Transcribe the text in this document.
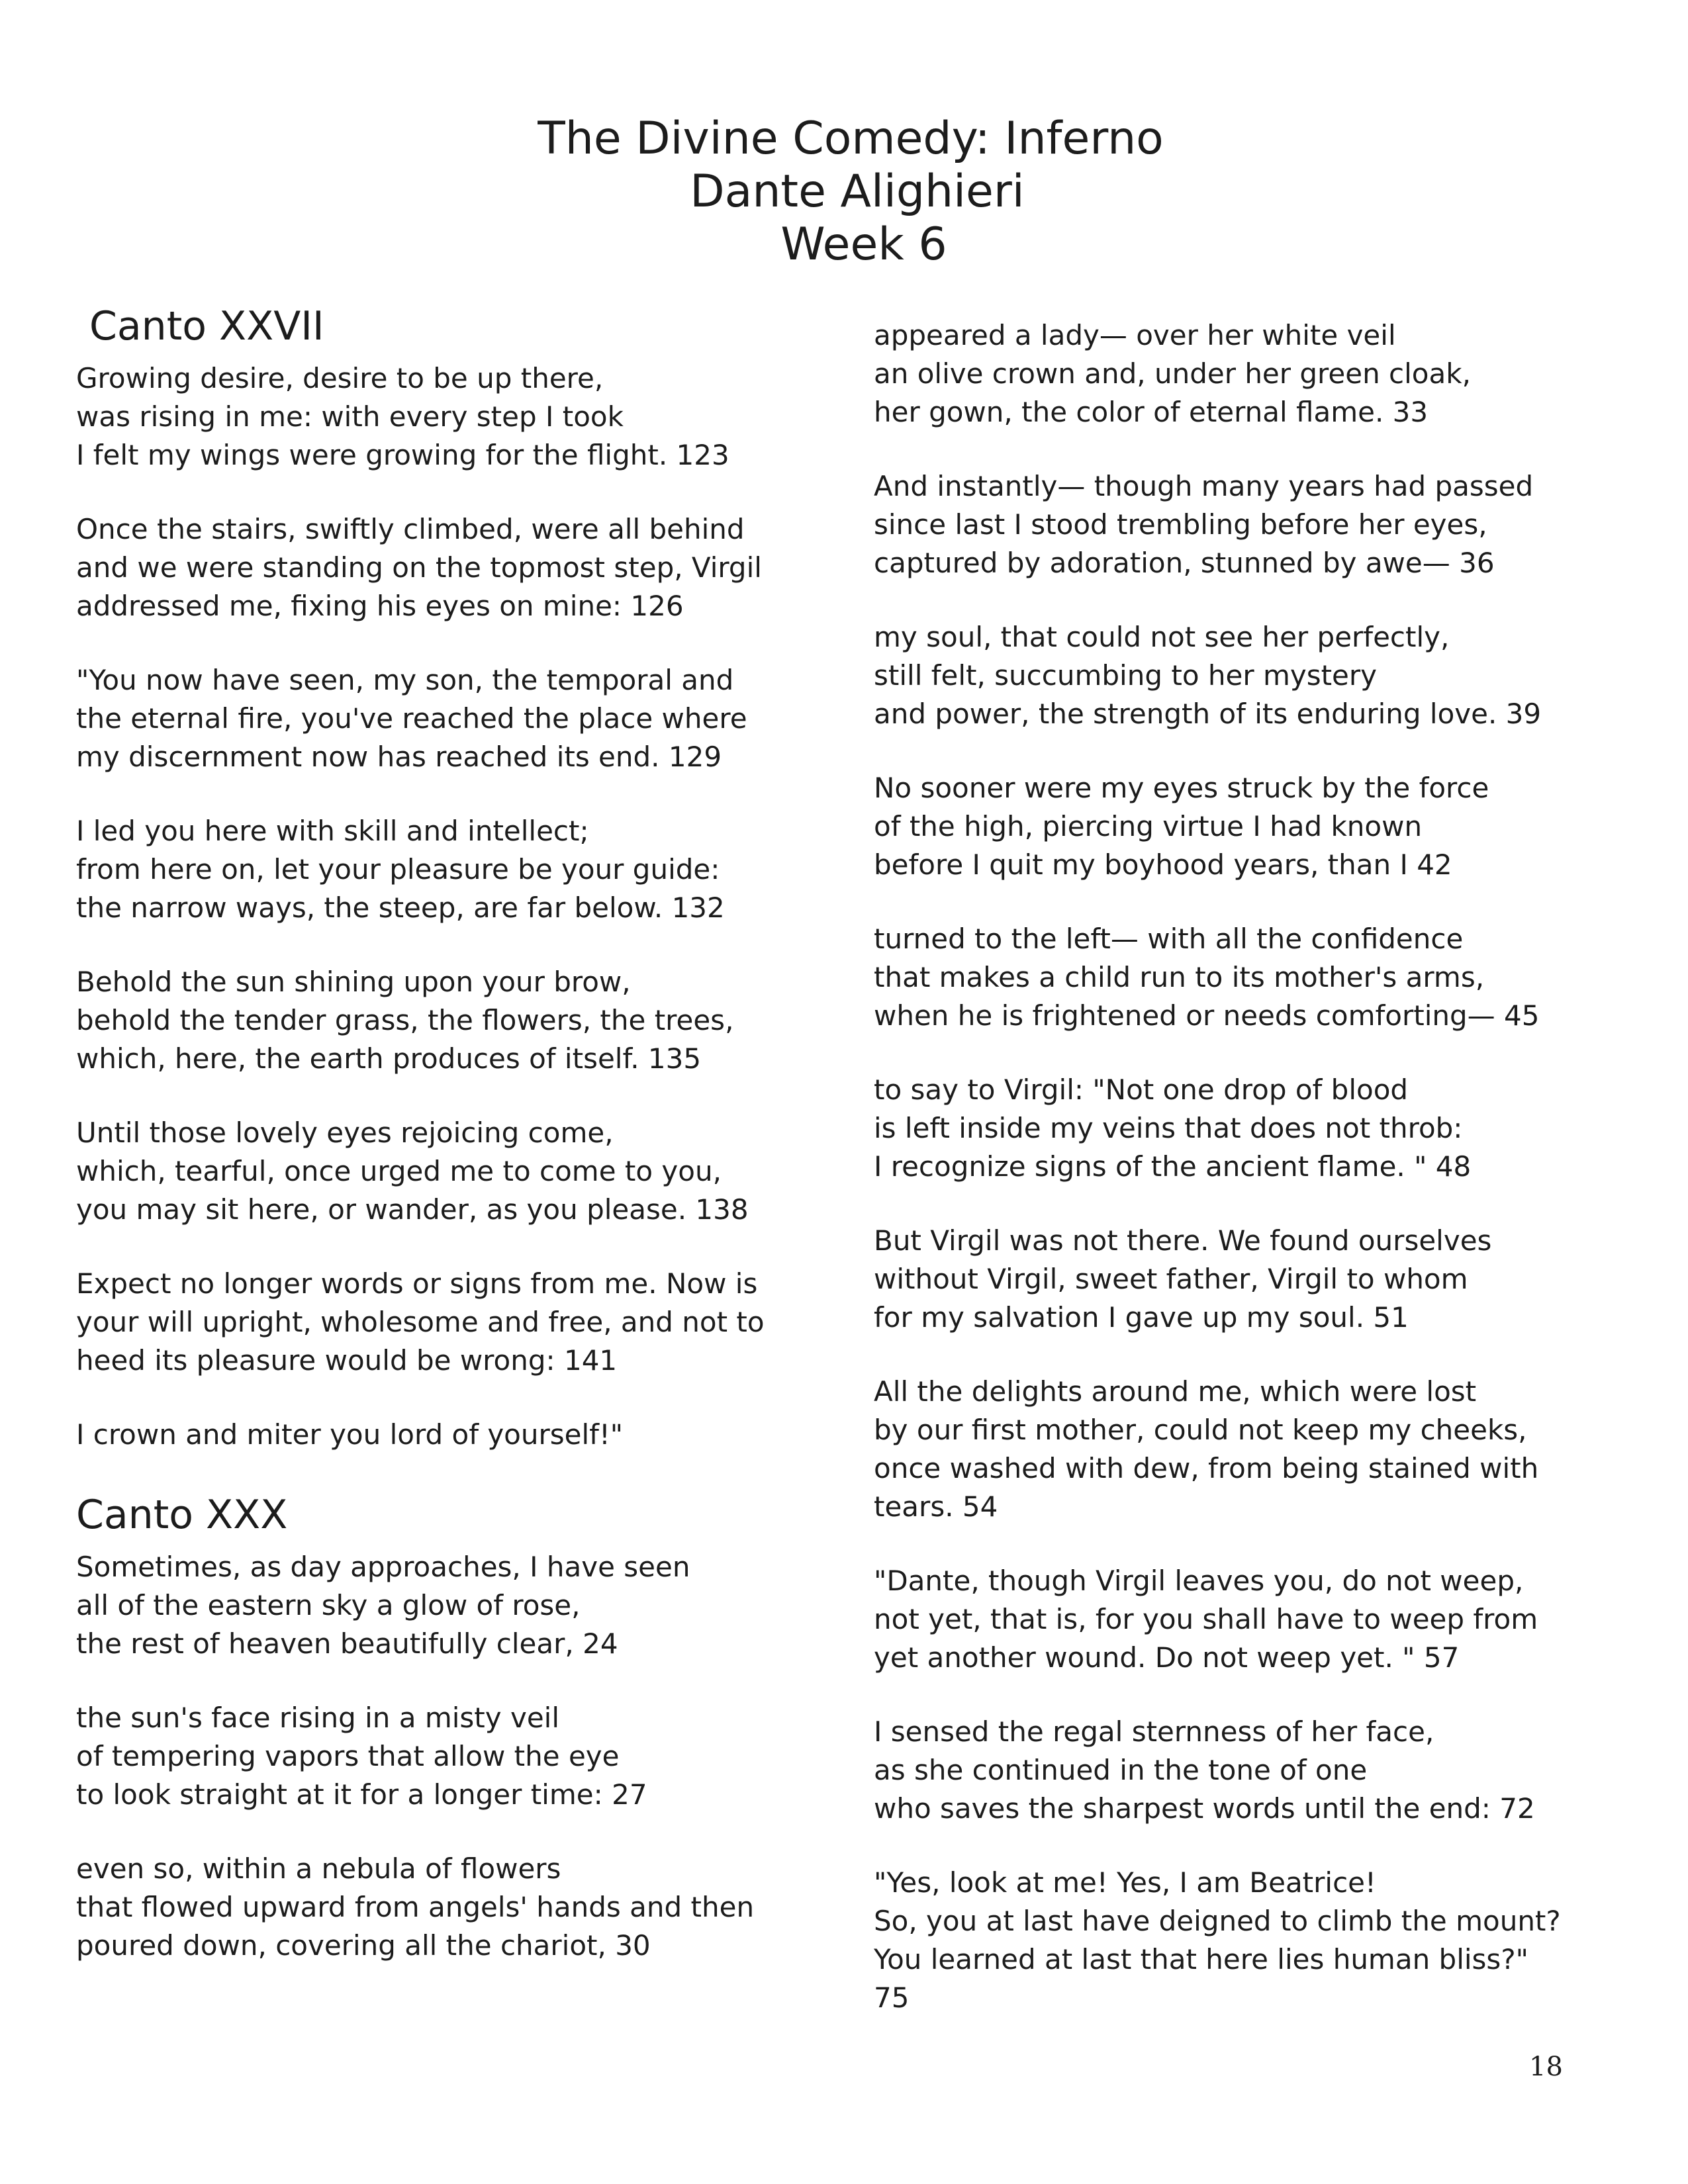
The Divine Comedy: Inferno
Dante Alighieri
Week 6
Canto XXVII
Growing desire, desire to be up there,
was rising in me: with every step I took
I felt my wings were growing for the flight. 123
Once the stairs, swiftly climbed, were all behind
and we were standing on the topmost step, Virgil
addressed me, fixing his eyes on mine: 126
"You now have seen, my son, the temporal and
the eternal fire, you've reached the place where
my discernment now has reached its end. 129
I led you here with skill and intellect;
from here on, let your pleasure be your guide:
the narrow ways, the steep, are far below. 132
Behold the sun shining upon your brow,
behold the tender grass, the flowers, the trees,
which, here, the earth produces of itself. 135
Until those lovely eyes rejoicing come,
which, tearful, once urged me to come to you,
you may sit here, or wander, as you please. 138
Expect no longer words or signs from me. Now is
your will upright, wholesome and free, and not to
heed its pleasure would be wrong: 141
I crown and miter you lord of yourself!"
Canto XXX
Sometimes, as day approaches, I have seen
all of the eastern sky a glow of rose,
the rest of heaven beautifully clear, 24
the sun's face rising in a misty veil
of tempering vapors that allow the eye
to look straight at it for a longer time: 27
even so, within a nebula of flowers
that flowed upward from angels' hands and then
poured down, covering all the chariot, 30
appeared a lady— over her white veil
an olive crown and, under her green cloak,
her gown, the color of eternal flame. 33
And instantly— though many years had passed
since last I stood trembling before her eyes,
captured by adoration, stunned by awe— 36
my soul, that could not see her perfectly,
still felt, succumbing to her mystery
and power, the strength of its enduring love. 39
No sooner were my eyes struck by the force
of the high, piercing virtue I had known
before I quit my boyhood years, than I 42
turned to the left— with all the confidence
that makes a child run to its mother's arms,
when he is frightened or needs comforting— 45
to say to Virgil: "Not one drop of blood
is left inside my veins that does not throb:
I recognize signs of the ancient flame. " 48
But Virgil was not there. We found ourselves
without Virgil, sweet father, Virgil to whom
for my salvation I gave up my soul. 51
All the delights around me, which were lost
by our first mother, could not keep my cheeks,
once washed with dew, from being stained with
tears. 54
"Dante, though Virgil leaves you, do not weep,
not yet, that is, for you shall have to weep from
yet another wound. Do not weep yet. " 57
I sensed the regal sternness of her face,
as she continued in the tone of one
who saves the sharpest words until the end: 72
"Yes, look at me! Yes, I am Beatrice!
So, you at last have deigned to climb the mount?
You learned at last that here lies human bliss?"
75
18
